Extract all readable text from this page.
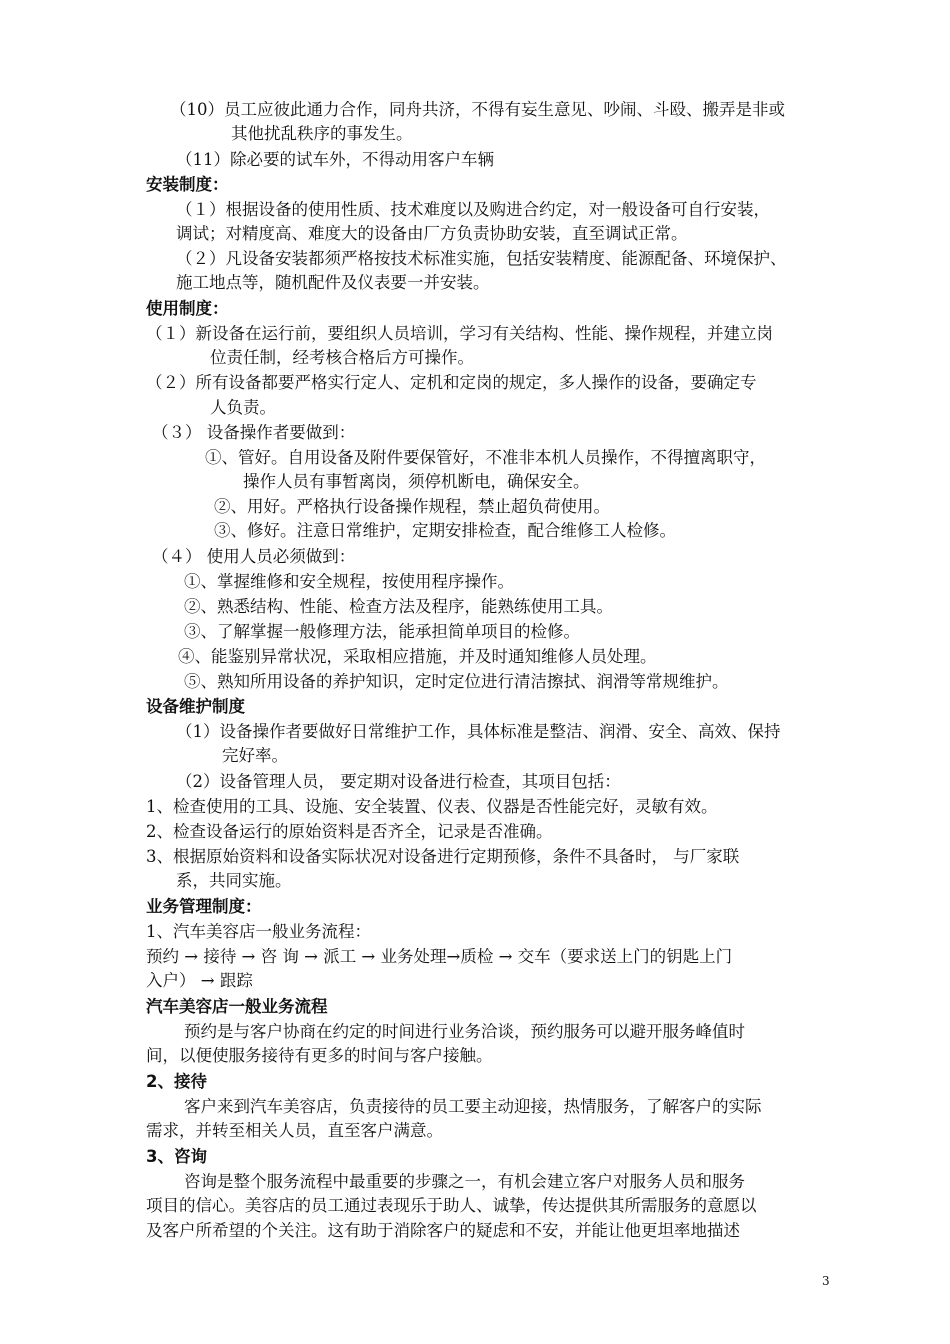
（10）员工应彼此通力合作，同舟共济，不得有妄生意见、吵闹、斗殴、搬弄是非或
其他扰乱秩序的事发生。
（11）除必要的试车外，不得动用客户车辆
安装制度：
（１）根据设备的使用性质、技术难度以及购进合约定，对一般设备可自行安装，
调试；对精度高、难度大的设备由厂方负责协助安装，直至调试正常。
（２）凡设备安装都须严格按技术标准实施，包括安装精度、能源配备、环境保护、
施工地点等，随机配件及仪表要一并安装。
使用制度：
（１）新设备在运行前，要组织人员培训，学习有关结构、性能、操作规程，并建立岗
位责任制，经考核合格后方可操作。
（２）所有设备都要严格实行定人、定机和定岗的规定，多人操作的设备，要确定专
人负责。
（３） 设备操作者要做到：
①、管好。自用设备及附件要保管好，不准非本机人员操作，不得擅离职守，
操作人员有事暂离岗，须停机断电，确保安全。
②、用好。严格执行设备操作规程，禁止超负荷使用。
③、修好。注意日常维护，定期安排检查，配合维修工人检修。
（４） 使用人员必须做到：
①、掌握维修和安全规程，按使用程序操作。
②、熟悉结构、性能、检查方法及程序，能熟练使用工具。
③、了解掌握一般修理方法，能承担简单项目的检修。
④、能鉴别异常状况，采取相应措施，并及时通知维修人员处理。
⑤、熟知所用设备的养护知识，定时定位进行清洁擦拭、润滑等常规维护。
设备维护制度
（1）设备操作者要做好日常维护工作，具体标准是整洁、润滑、安全、高效、保持
完好率。
（2）设备管理人员， 要定期对设备进行检查，其项目包括：
1、检查使用的工具、设施、安全装置、仪表、仪器是否性能完好，灵敏有效。
2、检查设备运行的原始资料是否齐全，记录是否准确。
3、根据原始资料和设备实际状况对设备进行定期预修，条件不具备时， 与厂家联
系，共同实施。
业务管理制度：
1、汽车美容店一般业务流程：
预约 → 接待 → 咨 询 → 派工 → 业务处理→质检 → 交车（要求送上门的钥匙上门
入户） → 跟踪
汽车美容店一般业务流程
预约是与客户协商在约定的时间进行业务洽谈，预约服务可以避开服务峰值时
间，以便使服务接待有更多的时间与客户接触。
2、接待
客户来到汽车美容店，负责接待的员工要主动迎接，热情服务，了解客户的实际
需求，并转至相关人员，直至客户满意。
3、咨询
咨询是整个服务流程中最重要的步骤之一，有机会建立客户对服务人员和服务
项目的信心。美容店的员工通过表现乐于助人、诚挚，传达提供其所需服务的意愿以
及客户所希望的个关注。这有助于消除客户的疑虑和不安，并能让他更坦率地描述
3
